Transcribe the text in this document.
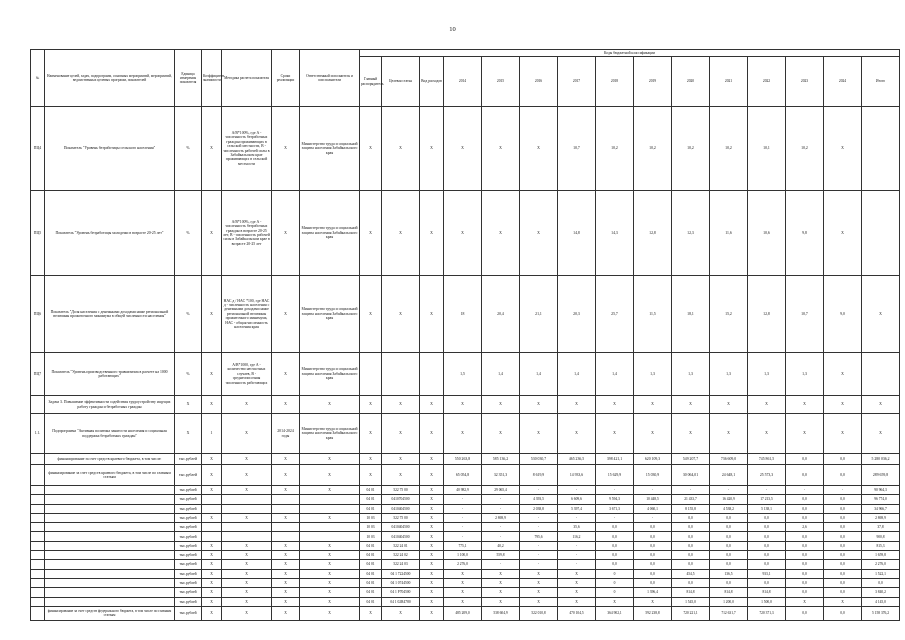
10
№	Наименование целей, задач, подпрограмм, основных мероприятий, мероприятий, ведомственных целевых программ, показателей	Единица измерения показателя	Коэффициент значимости	Методика расчета показателя	Сроки реализации	Ответственный исполнитель и соисполнители	Коды бюджетной классификации														
							Главный распорядитель	Целевая статья	Вид расходов	2014	2015	2016	2017	2018	2019	2020	2021	2022	2023	2024	Итого
ПЦ4	Показатель "Уровень безработицы сельского населения"	%	X	А/В*100%, где А - численность безработных граждан проживающих в сельской местности, В - численность рабочей силы в Забайкальском крае проживающих в сельской местности	X	Министерство труда и социальной защиты населения Забайкальского края	X	X	X	X	X	X	10,7	10,2	10,2	10,2	10,2	10,1	10,2	X	
ПЦ5	Показатель "Уровень безработицы молодежи в возрасте 20-25 лет"	%	X	А/В*100%, где А - численность безработных граждан в возрасте 20-25 лет, В - численность рабочей силы в Забайкальском крае в возрасте 20-25 лет	X	Министерство труда и социальной защиты населения Забайкальского края	X	X	X	X	X	X	14,8	14,3	12,8	12,3	11,6	10,6	9,8	X	
ПЦ6	Показатель "Доля населения с денежными доходами ниже региональной величины прожиточного минимума в общей численности населения"	%	X	НАС д / НАС *100, где НАС д - численность населения с денежными доходами ниже региональной величины прожиточного минимума, НАС - общая численность населения края	X	Министерство труда и социальной защиты населения Забайкальского края	X	X	X	18	20,4	21,1	20,3	25,7	11,5	18,1	15,2	12,8	10,7	9,0	X
ПЦ7	Показатель "Уровень производственного травматизма в расчете на 1000 работающих"	%	X	А/В*1000, где А - количество несчастных случаев, В - среднесписочная численность работающих	X	Министерство труда и социальной защиты населения Забайкальского края				1,5	1,4	1,4	1,4	1,4	1,3	1,3	1,3	1,3	1,3	X	
	Задача 3. Повышение эффективности содействия трудоустройству ищущих работу граждан и безработных граждан	X	X	X	X	X	X	X	X	X	X	X	X	X	X	X	X	X	X	X	X
1.1.	Подпрограмма "Активная политика занятости населения и социальная поддержка безработных граждан"	X	1	X	2014-2024 годы	Министерство труда и социальной защиты населения Забайкальского края	X	X	X	X	X	X	X	X	X	X	X	X	X	X	X
	финансирование за счет средств краевого бюджета, в том числе:	тыс.рублей	X	X	X	X	X	X	X	550 263,8	585 136,2	530 030,7	465 236,5	398 421,1	620 109,3	549 207,7	736 609,0	745 861,5	0,0	0,0	5 280 036,2
	финансирование за счет средств краевого бюджета, в том числе по главным статьям	тыс.рублей	X	X	X	X	X	X	X	65 054,8	32 351,3	8 619,9	14 933,6	15 629,9	15 030,9	30 064,01	24 648,1	25 573,3	0,0	0,0	289 659,8
		тыс.рублей	X	X	X	X	04 01	522 75 00	X	40 982,9	29 065,4	-	-	-	-	-	-	-	-	-	90 964,3
		тыс.рублей					04 01	0410704500	X	-	-	4 393,5	6 609,6	9 594,3	10 448,5	21 433,7	16 420,9	17 213,5	0,0	0,0	96 774,0
		тыс.рублей					04 01	0410404500	X	-	-	2 038,8	5 397,4	3 671,3	4 060,1	8 155,8	4 538,2	5 138,1	0,0	0,0	34 966,7
		тыс.рублей	X	X	X	X	10 03	522 75 00	X	-	2 869,9	-	-	-	-	0,0	0,0	0,0	0,0	0,0	2 869,9
		тыс.рублей					10 03	0410404500	X	-	-	-	35,6	0,0	0,0	0,0	0,0	0,0	2,6	0,0	37,8
		тыс.рублей					10 03	0410404500	X	-	-	795,6	116,2	0,0	0,0	0,0	0,0	0,0	0,0	0,0	900,8
		тыс.рублей	X	X	X	X	04 01	522 24 01	X	775,1	40,2	-	-	0,0	0,0	0,0	0,0	0,0	0,0	0,0	815,3
		тыс.рублей	X	X	X	X	04 01	522 24 02	X	1 100,0	559,8	-	-	0,0	0,0	0,0	0,0	0,0	0,0	0,0	1 659,8
		тыс.рублей	X	X	X	X	04 01	522 24 03	X	2 276,0	-	-	-	0,0	0,0	0,0	0,0	0,0	0,0	0,0	2 276,0
		тыс.рублей	X	X	X	X	04 01	04 1 7224500	X	X	X	X	X	0	0,0	454,5	136,5	933,1	0,0	0,0	1 522,1
		тыс.рублей	X	X	X	X	04 01	04 1 0744500	X	X	X	X	X	0	0,0	0,0	0,0	0,0	0,0	0,0	0,0
		тыс.рублей	X	X	X	X	04 01	04 1 P704500	X	X	X	X	X	0	1 396,4	814,8	814,8	814,8	0,0	0,0	3 840,2
		тыс.рублей	X	X	X	X	04 01	04 1 02R4780	X	X	X	X	X	X	X	1 545,0	1 200,0	1 500,0	X	X	4 145,0
	финансирование за счет средств федерального бюджета, в том числе по главным статьям	тыс.рублей	X	X	X	X	X	X	X	485 209,0	538 604,9	522 010,8	470 104,5	364 902,1	592 238,8	720 221,1	712 631,7	720 371,3	0,0	0,0	5 158 376,2
